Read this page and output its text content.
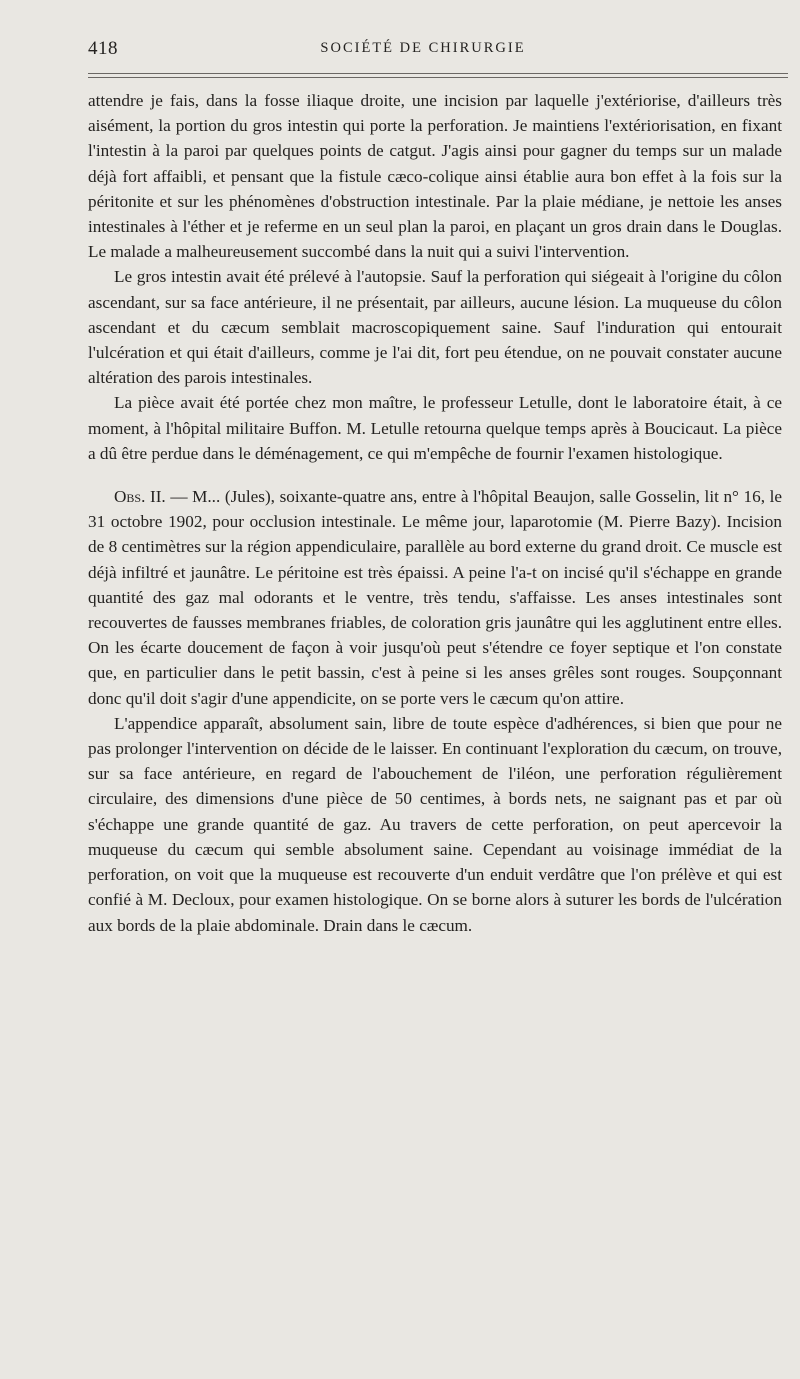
418	SOCIÉTÉ DE CHIRURGIE

attendre je fais, dans la fosse iliaque droite, une incision par laquelle j'extériorise, d'ailleurs très aisément, la portion du gros intestin qui porte la perforation. Je maintiens l'extériorisation, en fixant l'intestin à la paroi par quelques points de catgut. J'agis ainsi pour gagner du temps sur un malade déjà fort affaibli, et pensant que la fistule cæco-colique ainsi établie aura bon effet à la fois sur la péritonite et sur les phénomènes d'obstruction intestinale. Par la plaie médiane, je nettoie les anses intestinales à l'éther et je referme en un seul plan la paroi, en plaçant un gros drain dans le Douglas. Le malade a malheureusement succombé dans la nuit qui a suivi l'intervention.

Le gros intestin avait été prélevé à l'autopsie. Sauf la perforation qui siégeait à l'origine du côlon ascendant, sur sa face antérieure, il ne présentait, par ailleurs, aucune lésion. La muqueuse du côlon ascendant et du cæcum semblait macroscopiquement saine. Sauf l'induration qui entourait l'ulcération et qui était d'ailleurs, comme je l'ai dit, fort peu étendue, on ne pouvait constater aucune altération des parois intestinales.

La pièce avait été portée chez mon maître, le professeur Letulle, dont le laboratoire était, à ce moment, à l'hôpital militaire Buffon. M. Letulle retourna quelque temps après à Boucicaut. La pièce a dû être perdue dans le déménagement, ce qui m'empêche de fournir l'examen histologique.

Obs. II. — M... (Jules), soixante-quatre ans, entre à l'hôpital Beaujon, salle Gosselin, lit n° 16, le 31 octobre 1902, pour occlusion intestinale. Le même jour, laparotomie (M. Pierre Bazy). Incision de 8 centimètres sur la région appendiculaire, parallèle au bord externe du grand droit. Ce muscle est déjà infiltré et jaunâtre. Le péritoine est très épaissi. A peine l'a-t on incisé qu'il s'échappe en grande quantité des gaz mal odorants et le ventre, très tendu, s'affaisse. Les anses intestinales sont recouvertes de fausses membranes friables, de coloration gris jaunâtre qui les agglutinent entre elles. On les écarte doucement de façon à voir jusqu'où peut s'étendre ce foyer septique et l'on constate que, en particulier dans le petit bassin, c'est à peine si les anses grêles sont rouges. Soupçonnant donc qu'il doit s'agir d'une appendicite, on se porte vers le cæcum qu'on attire.

L'appendice apparaît, absolument sain, libre de toute espèce d'adhérences, si bien que pour ne pas prolonger l'intervention on décide de le laisser. En continuant l'exploration du cæcum, on trouve, sur sa face antérieure, en regard de l'abouchement de l'iléon, une perforation régulièrement circulaire, des dimensions d'une pièce de 50 centimes, à bords nets, ne saignant pas et par où s'échappe une grande quantité de gaz. Au travers de cette perforation, on peut apercevoir la muqueuse du cæcum qui semble absolument saine. Cependant au voisinage immédiat de la perforation, on voit que la muqueuse est recouverte d'un enduit verdâtre que l'on prélève et qui est confié à M. Decloux, pour examen histologique. On se borne alors à suturer les bords de l'ulcération aux bords de la plaie abdominale. Drain dans le cæcum.
